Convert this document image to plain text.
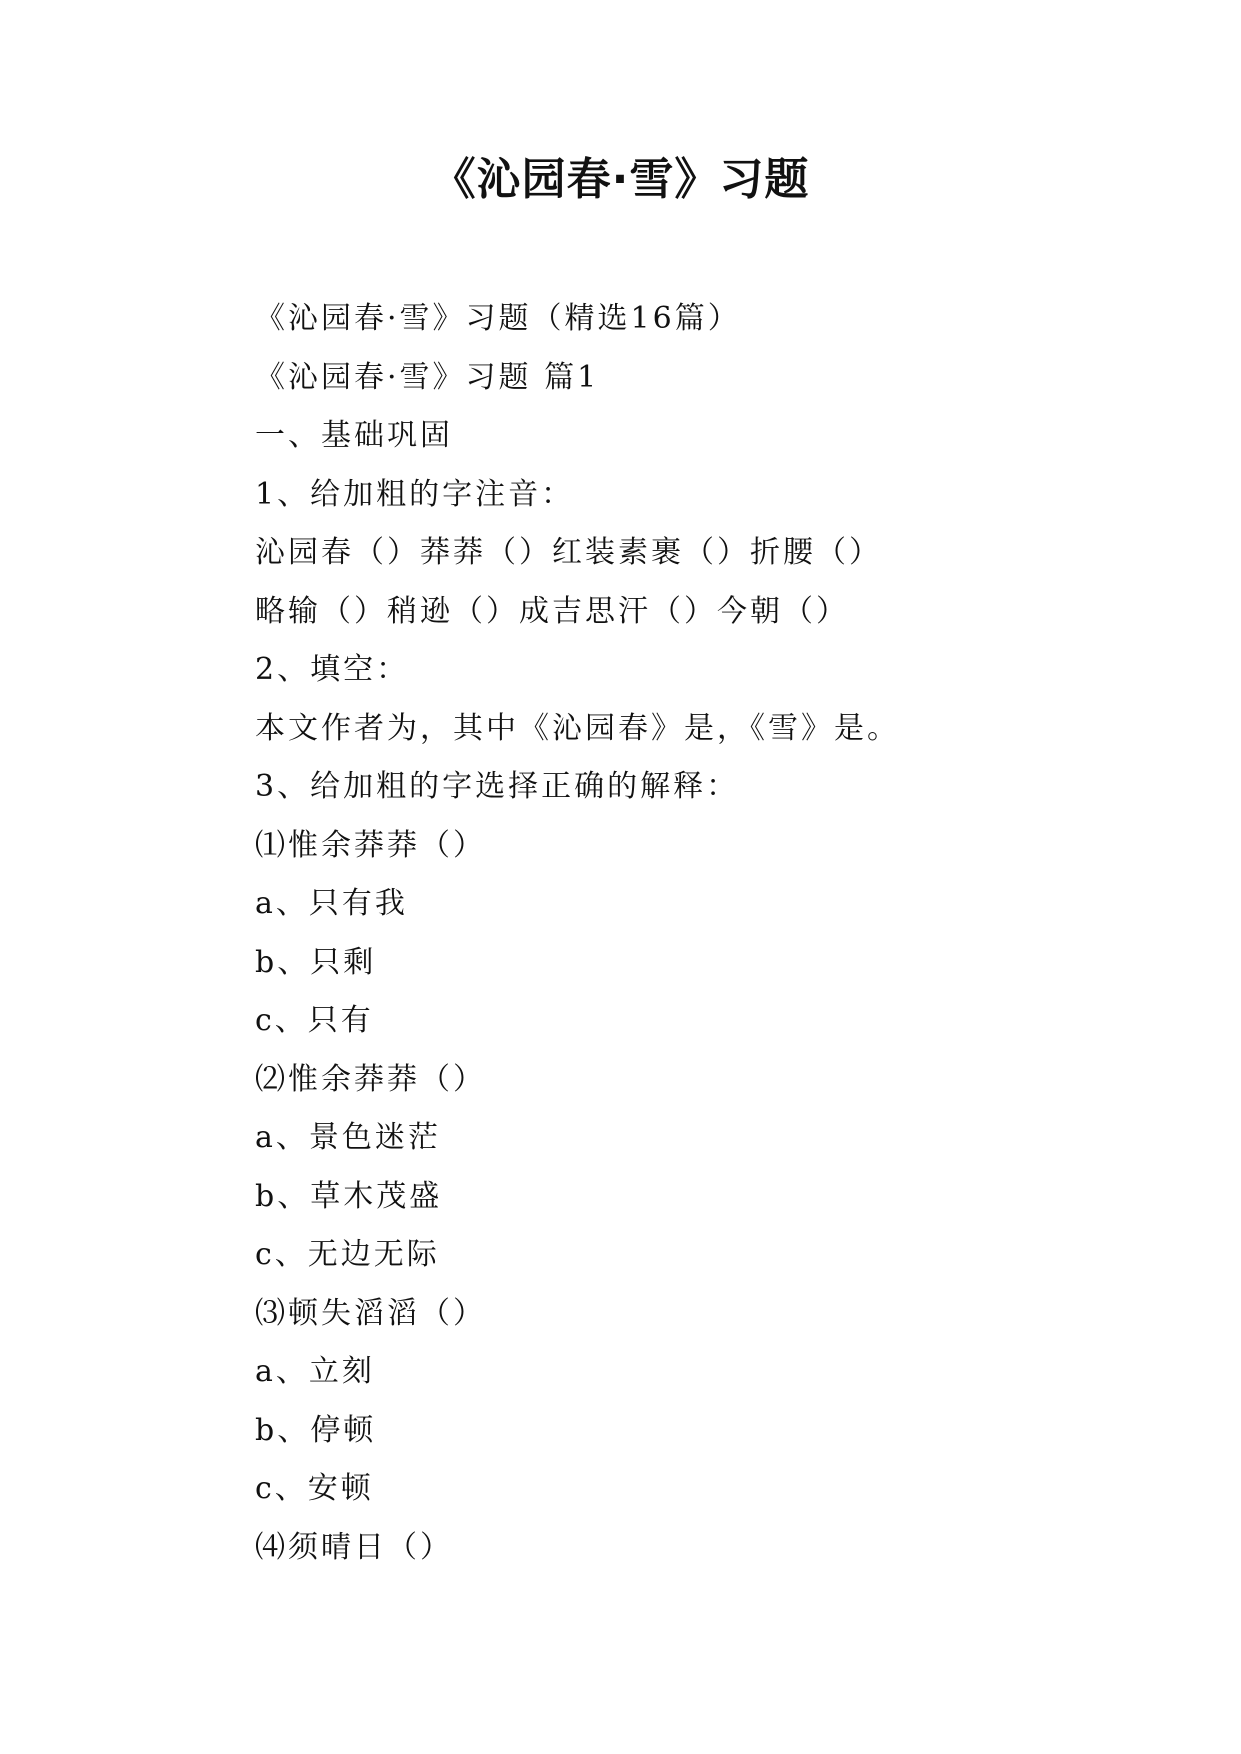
《沁园春·雪》习题
《沁园春·雪》习题（精选16篇）
《沁园春·雪》习题 篇1
一、基础巩固
1、给加粗的字注音：
沁园春（）莽莽（）红装素裹（）折腰（）
略输（）稍逊（）成吉思汗（）今朝（）
2、填空：
本文作者为，其中《沁园春》是，《雪》是。
3、给加粗的字选择正确的解释：
⑴惟余莽莽（）
a、只有我
b、只剩
c、只有
⑵惟余莽莽（）
a、景色迷茫
b、草木茂盛
c、无边无际
⑶顿失滔滔（）
a、立刻
b、停顿
c、安顿
⑷须晴日（）
